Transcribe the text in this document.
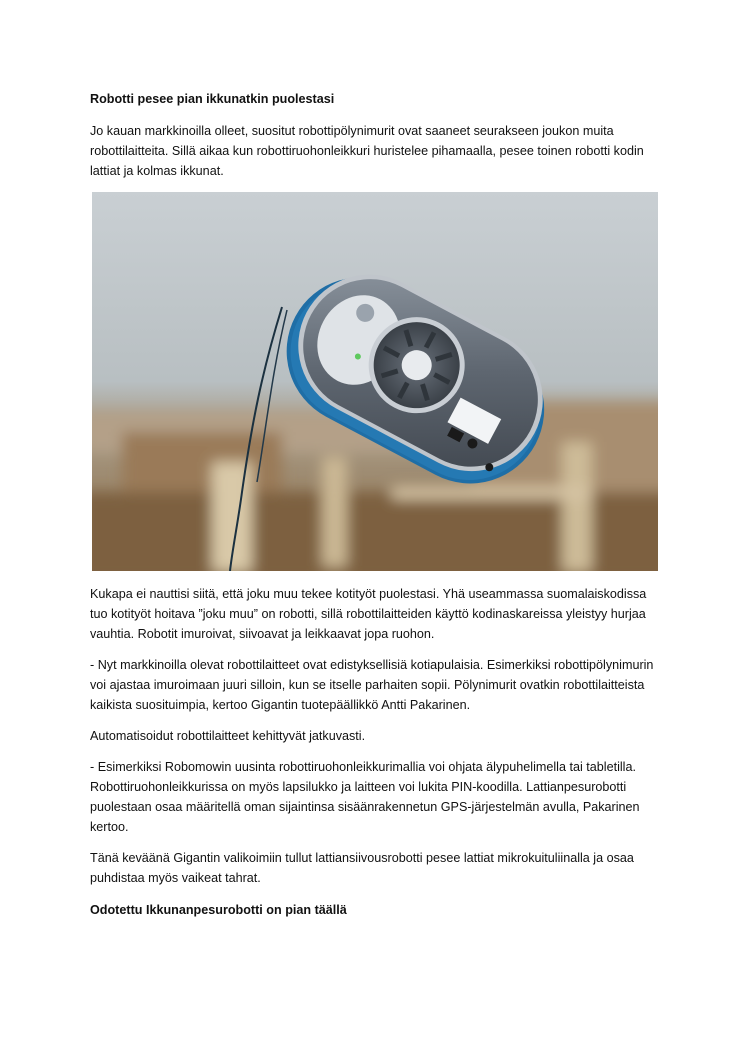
Robotti pesee pian ikkunatkin puolestasi

Jo kauan markkinoilla olleet, suositut robottipölynimurit ovat saaneet seurakseen joukon muita robottilaitteita. Sillä aikaa kun robottiruohonleikkuri huristelee pihamaalla, pesee toinen robotti kodin lattiat ja kolmas ikkunat.

Kukapa ei nauttisi siitä, että joku muu tekee kotityöt puolestasi. Yhä useammassa suomalaiskodissa tuo kotityöt hoitava ”joku muu” on robotti, sillä robottilaitteiden käyttö kodinaskareissa yleistyy hurjaa vauhtia. Robotit imuroivat, siivoavat ja leikkaavat jopa ruohon.

- Nyt markkinoilla olevat robottilaitteet ovat edistyksellisiä kotiapulaisia. Esimerkiksi robottipölynimurin voi ajastaa imuroimaan juuri silloin, kun se itselle parhaiten sopii. Pölynimurit ovatkin robottilaitteista kaikista suosituimpia, kertoo Gigantin tuotepäällikkö Antti Pakarinen.

Automatisoidut robottilaitteet kehittyvät jatkuvasti.

- Esimerkiksi Robomowin uusinta robottiruohonleikkurimallia voi ohjata älypuhelimella tai tabletilla. Robottiruohonleikkurissa on myös lapsilukko ja laitteen voi lukita PIN-koodilla. Lattianpesurobotti puolestaan osaa määritellä oman sijaintinsa sisäänrakennetun GPS-järjestelmän avulla, Pakarinen kertoo.

Tänä keväänä Gigantin valikoimiin tullut lattiansiivousrobotti pesee lattiat mikrokuituliinalla ja osaa puhdistaa myös vaikeat tahrat.

Odotettu Ikkunanpesurobotti on pian täällä
